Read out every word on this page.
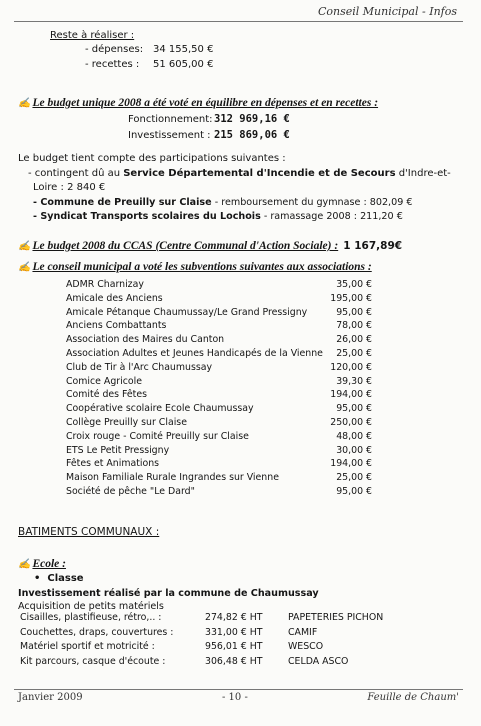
Conseil Municipal - Infos
Reste à réaliser :
- dépenses: 34 155,50 €
- recettes : 51 605,00 €
✍ Le budget unique 2008 a été voté en équilibre en dépenses et en recettes :
Fonctionnement: 312 969,16 €
Investissement : 215 869,06 €
Le budget tient compte des participations suivantes :
- contingent dû au Service Départemental d'Incendie et de Secours d'Indre-et-
Loire : 2 840 €
- Commune de Preuilly sur Claise - remboursement du gymnase : 802,09 €
- Syndicat Transports scolaires du Lochois - ramassage 2008 : 211,20 €
✍ Le budget 2008 du CCAS (Centre Communal d'Action Sociale) : 1 167,89€
✍ Le conseil municipal a voté les subventions suivantes aux associations :
ADMR Charnizay	35,00 €
Amicale des Anciens	195,00 €
Amicale Pétanque Chaumussay/Le Grand Pressigny	95,00 €
Anciens Combattants	78,00 €
Association des Maires du Canton	26,00 €
Association Adultes et Jeunes Handicapés de la Vienne 25,00 €
Club de Tir à l'Arc Chaumussay	120,00 €
Comice Agricole	39,30 €
Comité des Fêtes	194,00 €
Coopérative scolaire Ecole Chaumussay	95,00 €
Collège Preuilly sur Claise	250,00 €
Croix rouge - Comité Preuilly sur Claise	48,00 €
ETS Le Petit Pressigny	30,00 €
Fêtes et Animations	194,00 €
Maison Familiale Rurale Ingrandes sur Vienne	25,00 €
Société de pêche "Le Dard"	95,00 €
BATIMENTS COMMUNAUX :
✍ Ecole :
• Classe
Investissement réalisé par la commune de Chaumussay
Acquisition de petits matériels
Cisailles, plastifieuse, rétro,.. :	274,82 € HT	PAPETERIES PICHON
Couchettes, draps, couvertures :	331,00 € HT	CAMIF
Matériel sportif et motricité :	956,01 € HT	WESCO
Kit parcours, casque d'écoute :	306,48 € HT	CELDA ASCO
Janvier 2009	- 10 -	Feuille de Chaum'
